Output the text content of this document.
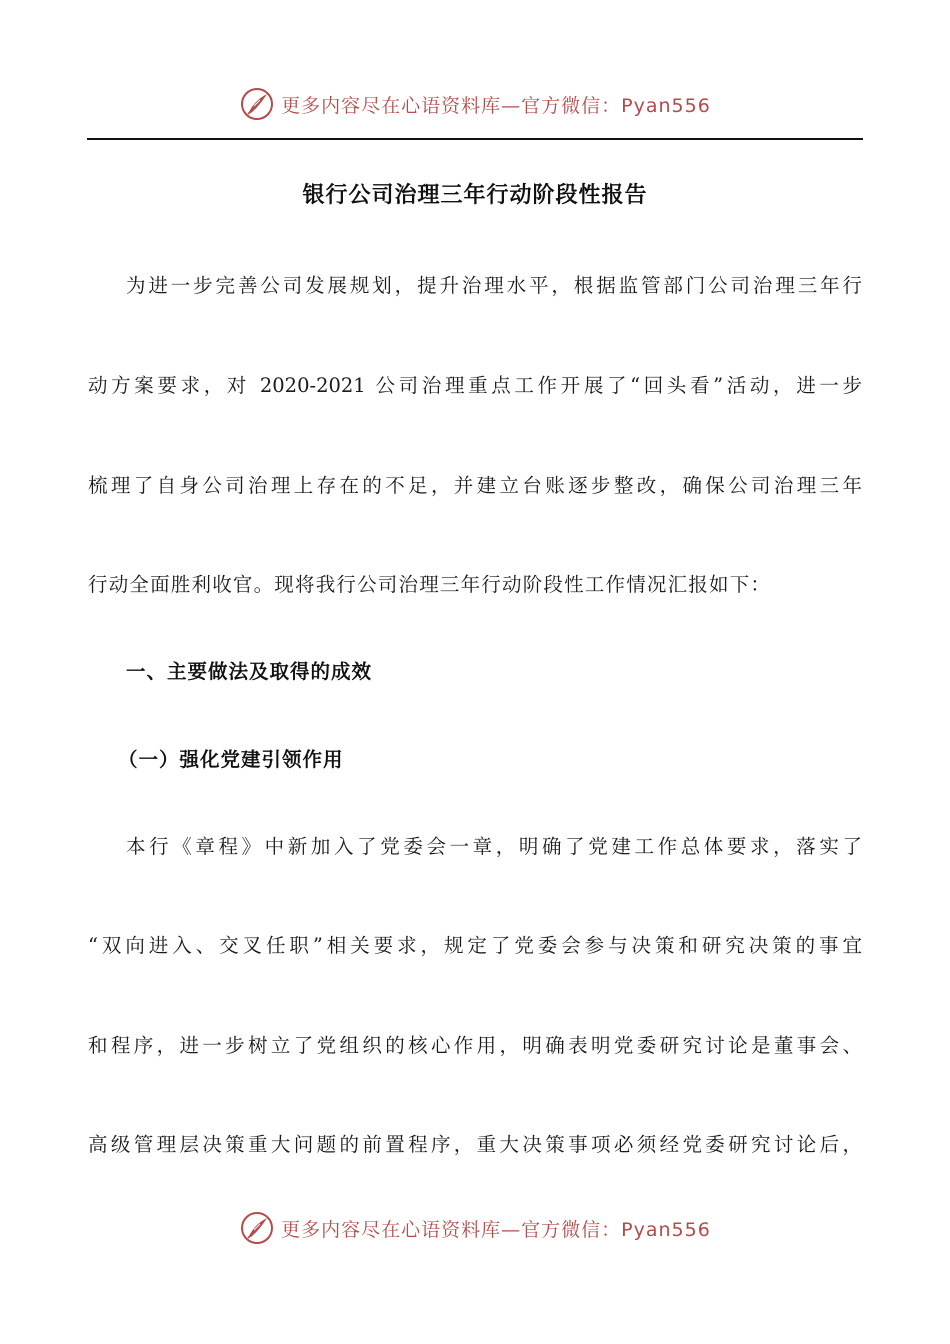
更多内容尽在心语资料库—官方微信：Pyan556
银行公司治理三年行动阶段性报告
为进一步完善公司发展规划，提升治理水平，根据监管部门公司治理三年行
动方案要求，对 2020-2021 公司治理重点工作开展了“回头看”活动，进一步
梳理了自身公司治理上存在的不足，并建立台账逐步整改，确保公司治理三年
行动全面胜利收官。现将我行公司治理三年行动阶段性工作情况汇报如下：
一、主要做法及取得的成效
（一）强化党建引领作用
本行《章程》中新加入了党委会一章，明确了党建工作总体要求，落实了
“双向进入、交叉任职”相关要求，规定了党委会参与决策和研究决策的事宜
和程序，进一步树立了党组织的核心作用，明确表明党委研究讨论是董事会、
高级管理层决策重大问题的前置程序，重大决策事项必须经党委研究讨论后，
更多内容尽在心语资料库—官方微信：Pyan556
